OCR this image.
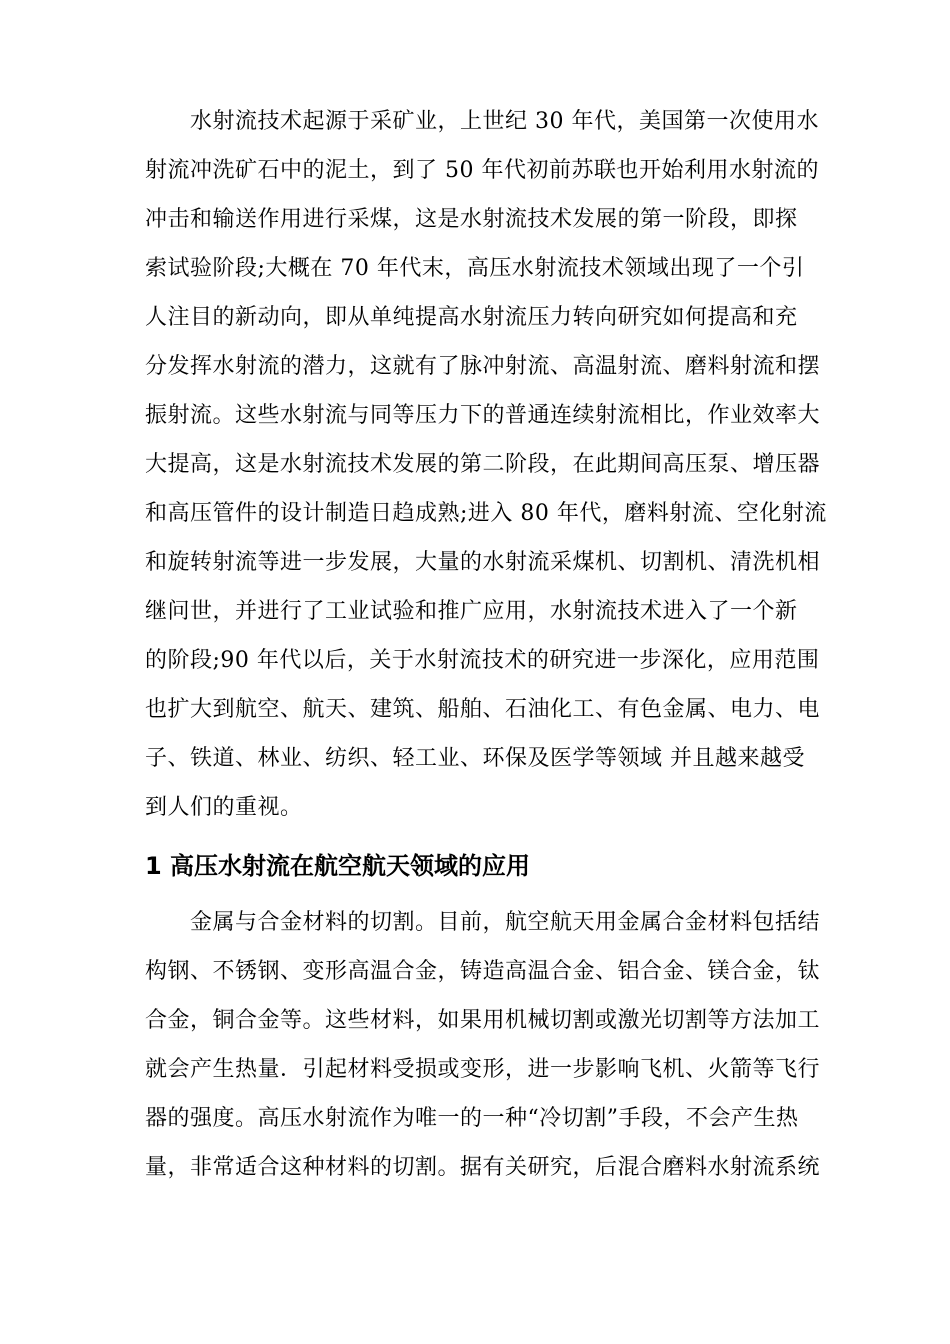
水射流技术起源于采矿业，上世纪 30 年代，美国第一次使用水
射流冲洗矿石中的泥土，到了 50 年代初前苏联也开始利用水射流的
冲击和输送作用进行采煤，这是水射流技术发展的第一阶段，即探
索试验阶段;大概在 70 年代末，高压水射流技术领域出现了一个引
人注目的新动向，即从单纯提高水射流压力转向研究如何提高和充
分发挥水射流的潜力，这就有了脉冲射流、高温射流、磨料射流和摆
振射流。这些水射流与同等压力下的普通连续射流相比，作业效率大
大提高，这是水射流技术发展的第二阶段，在此期间高压泵、增压器
和高压管件的设计制造日趋成熟;进入 80 年代，磨料射流、空化射流
和旋转射流等进一步发展，大量的水射流采煤机、切割机、清洗机相
继问世，并进行了工业试验和推广应用，水射流技术进入了一个新
的阶段;90 年代以后，关于水射流技术的研究进一步深化，应用范围
也扩大到航空、航天、建筑、船舶、石油化工、有色金属、电力、电
子、铁道、林业、纺织、轻工业、环保及医学等领域 并且越来越受
到人们的重视。
1 高压水射流在航空航天领域的应用
金属与合金材料的切割。目前，航空航天用金属合金材料包括结
构钢、不锈钢、变形高温合金，铸造高温合金、铝合金、镁合金，钛
合金，铜合金等。这些材料，如果用机械切割或激光切割等方法加工
就会产生热量．引起材料受损或变形，进一步影响飞机、火箭等飞行
器的强度。高压水射流作为唯一的一种“冷切割”手段，不会产生热
量，非常适合这种材料的切割。据有关研究，后混合磨料水射流系统
